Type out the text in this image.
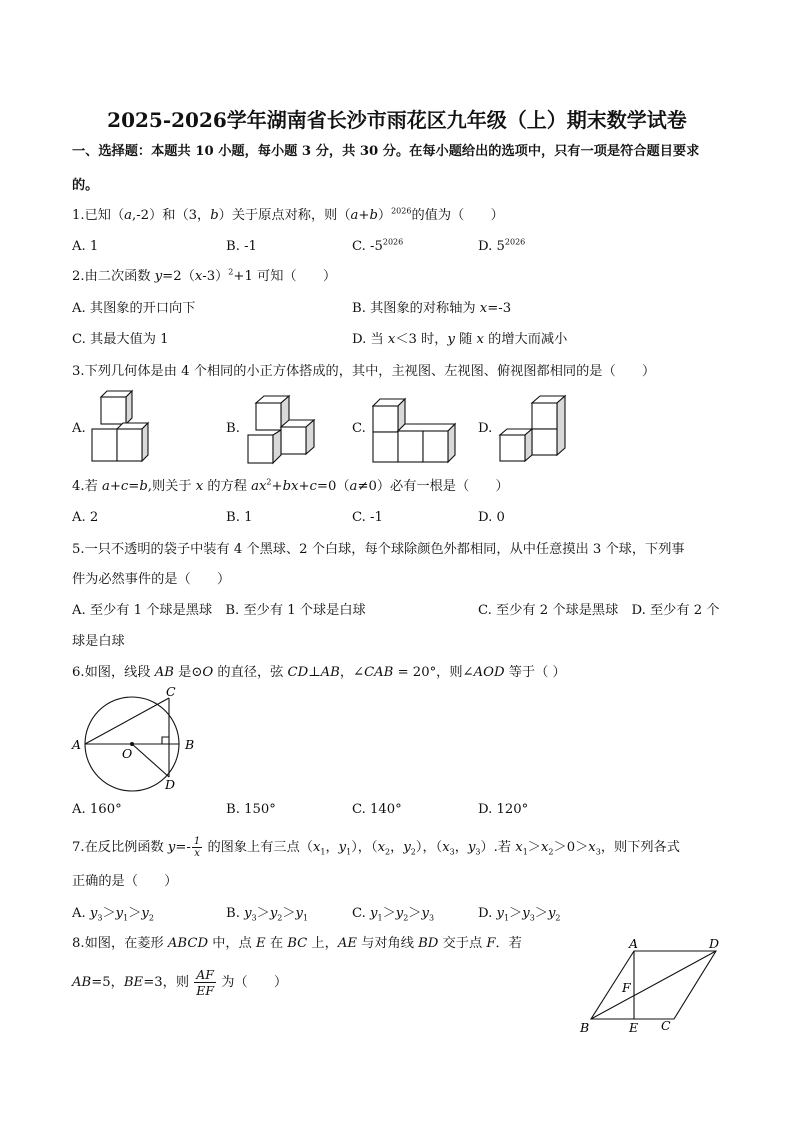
2025-2026学年湖南省长沙市雨花区九年级（上）期末数学试卷
一、选择题：本题共 10 小题，每小题 3 分，共 30 分。在每小题给出的选项中，只有一项是符合题目要求
的。
1.已知（a,-2）和（3，b）关于原点对称，则$(a+b)^{2026}$的值为（　　）
A. 1	B. -1	C. $-5^{2026}$	D. $5^{2026}$
2.由二次函数 $y=2(x-3)^2+1$ 可知（　　）
A. 其图象的开口向下	B. 其图象的对称轴为 x=-3
C. 其最大值为 1	D. 当 x＜3 时，y 随 x 的增大而减小
3.下列几何体是由 4 个相同的小正方体搭成的，其中，主视图、左视图、俯视图都相同的是（　　）
A.	B.	C.	D.
4.若 a+c=b,则关于 x 的方程 $ax^2+bx+c=0(a\ne 0)$必有一根是（　　）
A. 2	B. 1	C. -1	D. 0
5.一只不透明的袋子中装有 4 个黑球、2 个白球，每个球除颜色外都相同，从中任意摸出 3 个球，下列事
件为必然事件的是（　　）
A. 至少有 1 个球是黑球　B. 至少有 1 个球是白球	C. 至少有 2 个球是黑球　D. 至少有 2 个
球是白球
6.如图，线段 AB 是⊙O 的直径，弦 CD⊥AB，∠CAB = 20°，则∠AOD 等于（ ）
A	B
C
D
O
A. 160°	B. 150°	C. 140°	D. 120°
7.在反比例函数 $y=- \frac{1}{x}$ 的图象上有三点（$x_1$，$y_1$），（$x_2$，$y_2$），（$x_3$，$y_3$）.若 $x_1>x_2>0>x_3$，则下列各式
正确的是（　　）
A. $y_3>y_1>y_2$	B. $y_3>y_2>y_1$	C. $y_1>y_2>y_3$	D. $y_1>y_3>y_2$
8.如图，在菱形 ABCD 中，点 E 在 BC 上，AE 与对角线 BD 交于点 F．若
AB=5，BE=3，则 $\frac{AF}{EF}$ 为（　　）
A	D
F
B	E C
